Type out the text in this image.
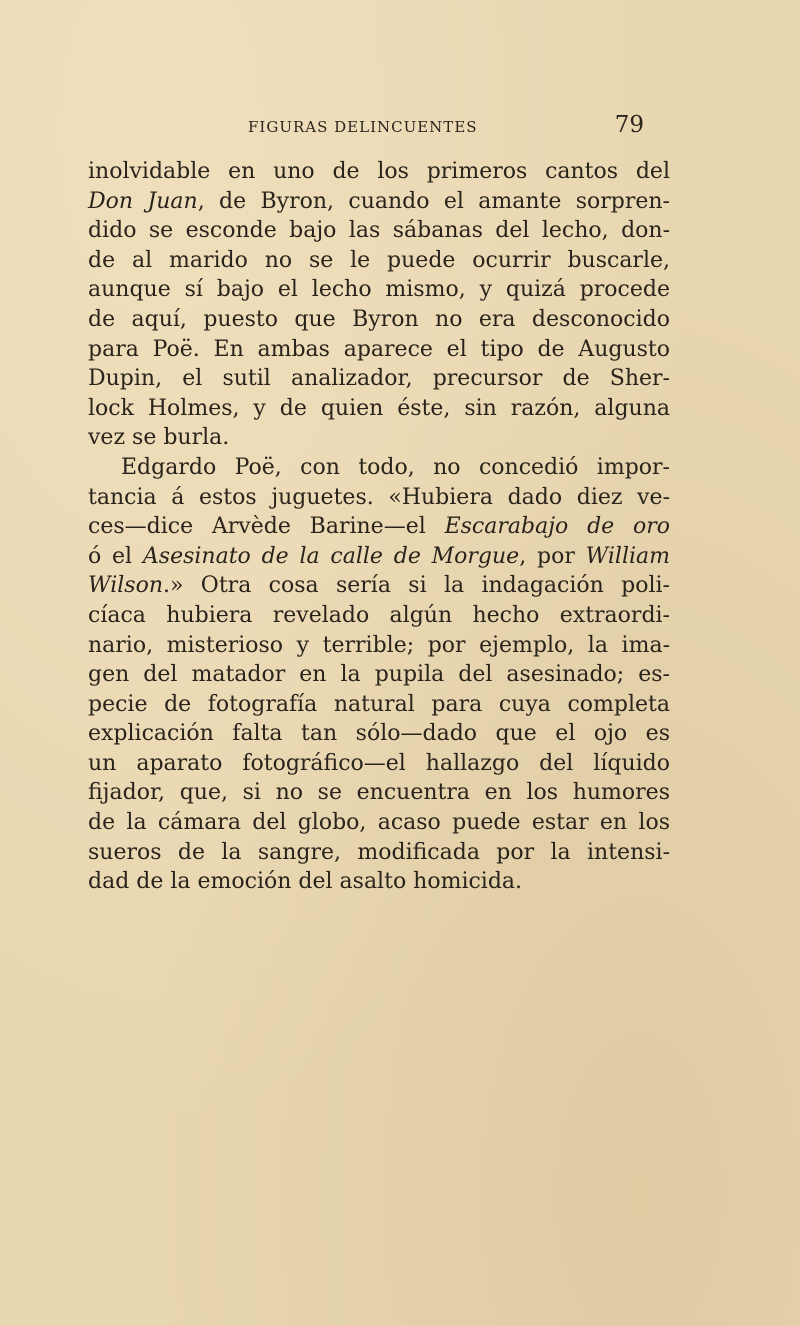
FIGURAS DELINCUENTES	79
inolvidable en uno de los primeros cantos del
Don Juan, de Byron, cuando el amante sorpren-
dido se esconde bajo las sábanas del lecho, don-
de al marido no se le puede ocurrir buscarle,
aunque sí bajo el lecho mismo, y quizá procede
de aquí, puesto que Byron no era desconocido
para Poë. En ambas aparece el tipo de Augusto
Dupin, el sutil analizador, precursor de Sher-
lock Holmes, y de quien éste, sin razón, alguna
vez se burla.
Edgardo Poë, con todo, no concedió impor-
tancia á estos juguetes. «Hubiera dado diez ve-
ces—dice Arvède Barine—el Escarabajo de oro
ó el Asesinato de la calle de Morgue, por William
Wilson.» Otra cosa sería si la indagación poli-
cíaca hubiera revelado algún hecho extraordi-
nario, misterioso y terrible; por ejemplo, la ima-
gen del matador en la pupila del asesinado; es-
pecie de fotografía natural para cuya completa
explicación falta tan sólo—dado que el ojo es
un aparato fotográfico—el hallazgo del líquido
fijador, que, si no se encuentra en los humores
de la cámara del globo, acaso puede estar en los
sueros de la sangre, modificada por la intensi-
dad de la emoción del asalto homicida.
